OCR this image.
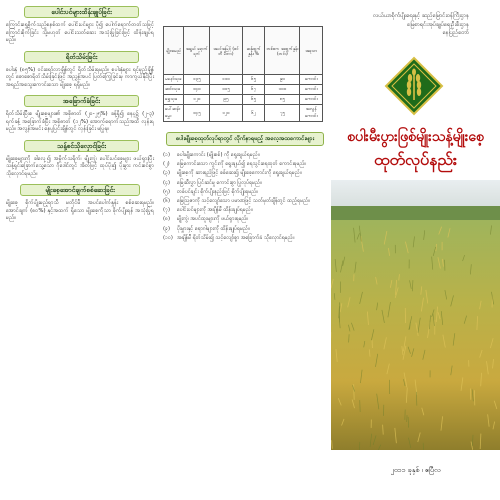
ပေါင်းပင်များထိန်းချုပ်ခြင်း
ကြောင်းရွှေ့စိုက်သည့်စနစ်ထက် ပေါင်းပင်များ ပို၍ ပေါက်ရောက်တတ်သဖြင့် ကြောင်းစိုက်ခြင်း သို့မဟုတ် ပေါင်းသတ်ဆေး အသုံးပြုခြင်းဖြင့် ထိန်းချုပ်ရမည်။
ရိတ်သိမ်းခြင်း
စပါးနှံ (၈၅%) ဝင်းရော်လာချိန်တွင် ရိတ်သိမ်းရမည်။ စပါးနှံများ ရင့်မှည့်ချိန်တွင် စောစောရိတ်သိမ်းခြင်းဖြင့် အညွှန့်အပင် ပြတ်ကြွေခြင်းမှ ကာကွယ်နိုင်ပြီး အရည်အသွေးကောင်းသော မျိုးစေ့ ရရှိမည်။
အခြောက်ခံခြင်း
ရိတ်သိမ်းပြီးစ မျိုးစေ့များ၏ အစိုဓာတ် (၂၀-၂၅%) ခန့်ရှိ၍ နေပူ၌ (၂-၃) ရက်ခန့် အခြောက်ခံပြီး အစိုဓာတ် (၁၂%) အောက်ရောက်သည်အထိ လှန်းရမည်။ အလွန်အမင်း နေပူပြင်းချိန်တွင် လှန်းခြင်း မပြုရ။
သန့်စင်သိုလှောင်ခြင်း
မျိုးစေ့များကို ခါလှေ့၍ အမှိုက်သရိုက်၊ မျိုးကွဲ၊ ပေါင်းပင်စေ့များ ဖယ်ရှားပြီး သန့်ရှင်းခြောက်သွေ့သော ဂိုဒေါင်တွင် အိတ်ဖြင့် ထုပ်ပိုး၍ ပိုးမွှား ကင်းစင်စွာ သိုလှောင်ရမည်။
မျိုးစေ့အောင်ချက်စစ်ဆေးခြင်း
မျိုးစေ့ စိုက်ပျိုးမည့်ရာသီ မတိုင်မီ အပင်ပေါက်နှုန်း စစ်ဆေးရမည်။ အောင်ချက် (၈၀%) နှင့်အထက် ရှိသော မျိုးစေ့ကိုသာ စိုက်ပျိုးရန် အသုံးပြုရမည်။
မျိုးအမည်	အရွယ် ရောက် ရက်	အပင်အမြင့် (စင်တီ မီတာ)	ဆန်ထွက် နှုန်း %	တစ်ဧက အထွက်နှုန်း (တင်း)	အရသာ
မနော်သုခ	၁၃၅	၁၁၀	၆၅	၉၀	ကောင်း
ဆင်းသုခ	၁၄၀	၁၀၅	၆၇	၁၀၀	ကောင်း
ရွှေသုခ	၁၂၀	၉၅	၆၅	၈၅	ကောင်း
ပေါ်ဆန်းမွှေး	၁၄၅	၁၂၀	၆၂	၇၅	အလွန်ကောင်း
စပါးမျိုးစေ့ထုတ်လုပ်ရာတွင် လိုက်နာရမည့် အလေ့အထကောင်းများ
(၁)	စပါးမျိုးကောင်း (မျိုးစစ်) ကို ရွေးချယ်ရမည်။
(၂)	မြေကောင်းသော ကွင်းကို ရွေးချယ်၍ ရေသွင်းရေထုတ် ကောင်းရမည်။
(၃)	မျိုးစေ့ကို ဆားရည်ဖြင့် စစ်ဆေး၍ မျိုးစေ့ကောင်းကို ရွေးချယ်ရမည်။
(၄)	မြေဆီလွှာ ပြင်ဆင်မှု ကောင်းစွာ ပြုလုပ်ရမည်။
(၅)	တစ်ပင်ချင်း စိုက်ပျိုးနည်းဖြင့် စိုက်ပျိုးရမည်။
(၆)	မြေဩဇာကို သင့်လျော်သော ပမာဏဖြင့် သတ်မှတ်ချိန်တွင် ထည့်ရမည်။
(၇)	ပေါင်းပင်များကို အချိန်မီ ထိန်းချုပ်ရမည်။
(၈)	မျိုးကွဲ၊ အပင်ထူးများကို ဖယ်ရှားရမည်။
(၉)	ပိုးမွှားနှင့် ရောဂါများကို ထိန်းချုပ်ရမည်။
(၁၀) အချိန်မီ ရိတ်သိမ်း၍ သင့်လျော်စွာ အခြောက်ခံ သိုလှောင်ရမည်။
လယ်ယာစိုက်ပျိုးရေးနှင့် ဆည်မြောင်းဝန်ကြီးဌာန
မြေစာရင်းအုပ်ချုပ်ရေးဦးစီးဌာန
နေပြည်တော်
စပါးမီးပွားဖြစ်မျိုးသန့်မျိုးစေ့
ထုတ်လုပ်နည်း
၂၀၁၁ ခုနှစ် ၊ ဧပြီလ
